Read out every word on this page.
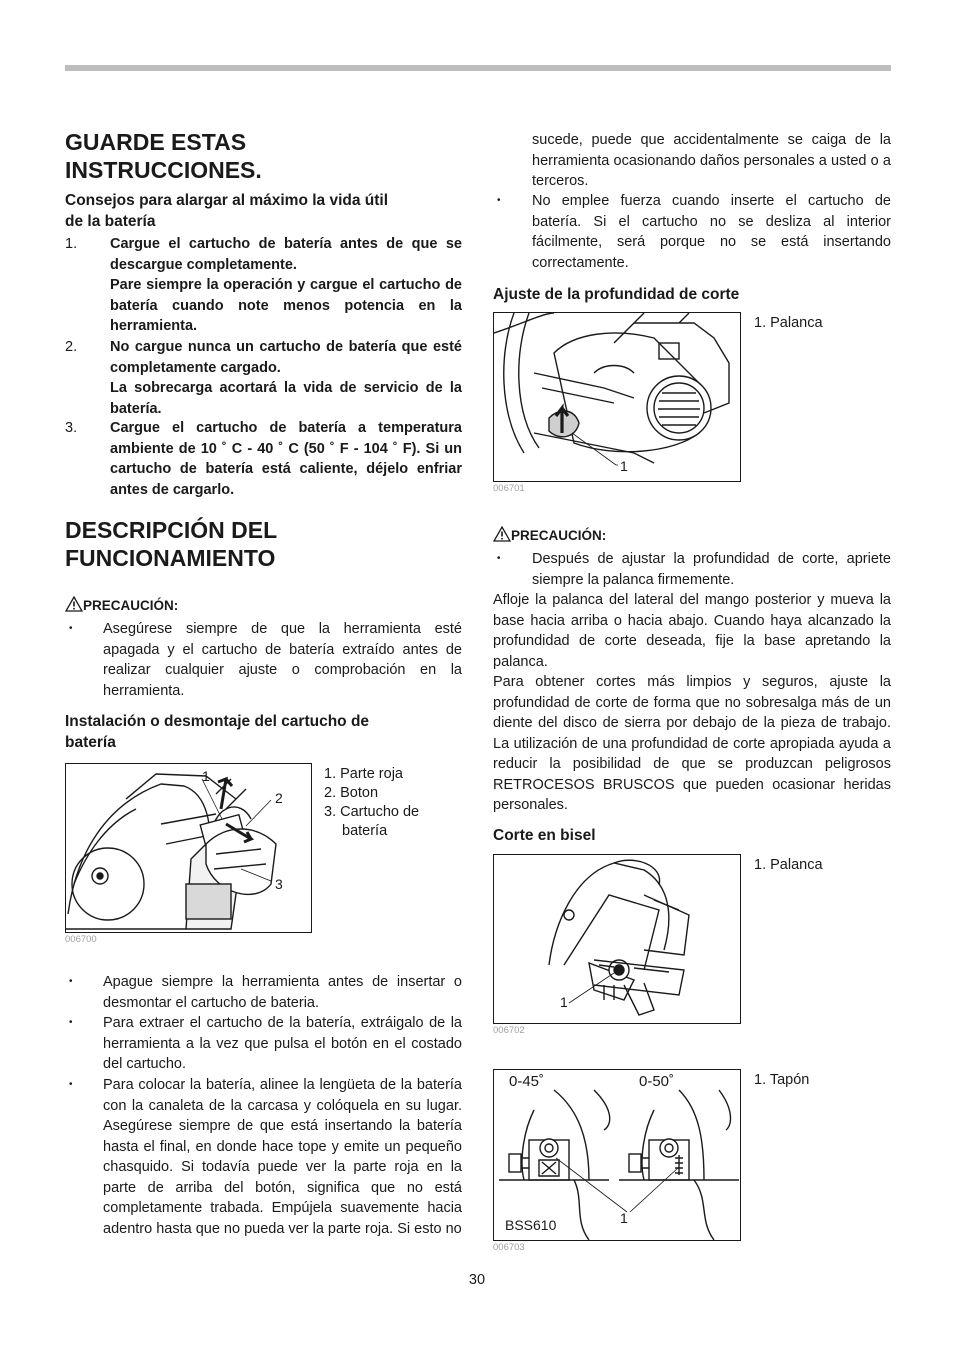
GUARDE ESTAS
INSTRUCCIONES.
Consejos para alargar al máximo la vida útil
de la batería
1.	Cargue el cartucho de batería antes de que se descargue completamente.
Pare siempre la operación y cargue el cartucho de batería cuando note menos potencia en la herramienta.
2.	No cargue nunca un cartucho de batería que esté completamente cargado.
La sobrecarga acortará la vida de servicio de la batería.
3.	Cargue el cartucho de batería a temperatura ambiente de 10 ˚ C - 40 ˚ C (50 ˚ F - 104 ˚ F). Si un cartucho de batería está caliente, déjelo enfriar antes de cargarlo.
DESCRIPCIÓN DEL
FUNCIONAMIENTO
PRECAUCIÓN:
• Asegúrese siempre de que la herramienta esté apagada y el cartucho de batería extraído antes de realizar cualquier ajuste o comprobación en la herramienta.
Instalación o desmontaje del cartucho de
batería
1
2
3
006700
1. Parte roja
2. Boton
3. Cartucho de
batería
• Apague siempre la herramienta antes de insertar o desmontar el cartucho de bateria.
• Para extraer el cartucho de la batería, extráigalo de la herramienta a la vez que pulsa el botón en el costado del cartucho.
• Para colocar la batería, alinee la lengüeta de la batería con la canaleta de la carcasa y colóquela en su lugar. Asegúrese siempre de que está insertando la batería hasta el final, en donde hace tope y emite un pequeño chasquido. Si todavía puede ver la parte roja en la parte de arriba del botón, significa que no está completamente trabada. Empújela suavemente hacia adentro hasta que no pueda ver la parte roja. Si esto no
sucede, puede que accidentalmente se caiga de la herramienta ocasionando daños personales a usted o a terceros.
• No emplee fuerza cuando inserte el cartucho de batería. Si el cartucho no se desliza al interior fácilmente, será porque no se está insertando correctamente.
Ajuste de la profundidad de corte
1
006701
1. Palanca
PRECAUCIÓN:
• Después de ajustar la profundidad de corte, apriete siempre la palanca firmemente.
Afloje la palanca del lateral del mango posterior y mueva la base hacia arriba o hacia abajo. Cuando haya alcanzado la profundidad de corte deseada, fije la base apretando la palanca.
Para obtener cortes más limpios y seguros, ajuste la profundidad de corte de forma que no sobresalga más de un diente del disco de sierra por debajo de la pieza de trabajo. La utilización de una profundidad de corte apropiada ayuda a reducir la posibilidad de que se produzcan peligrosos RETROCESOS BRUSCOS que pueden ocasionar heridas personales.
Corte en bisel
1
006702
1. Palanca
0-45˚	0-50˚
1
BSS610
006703
1. Tapón
30
